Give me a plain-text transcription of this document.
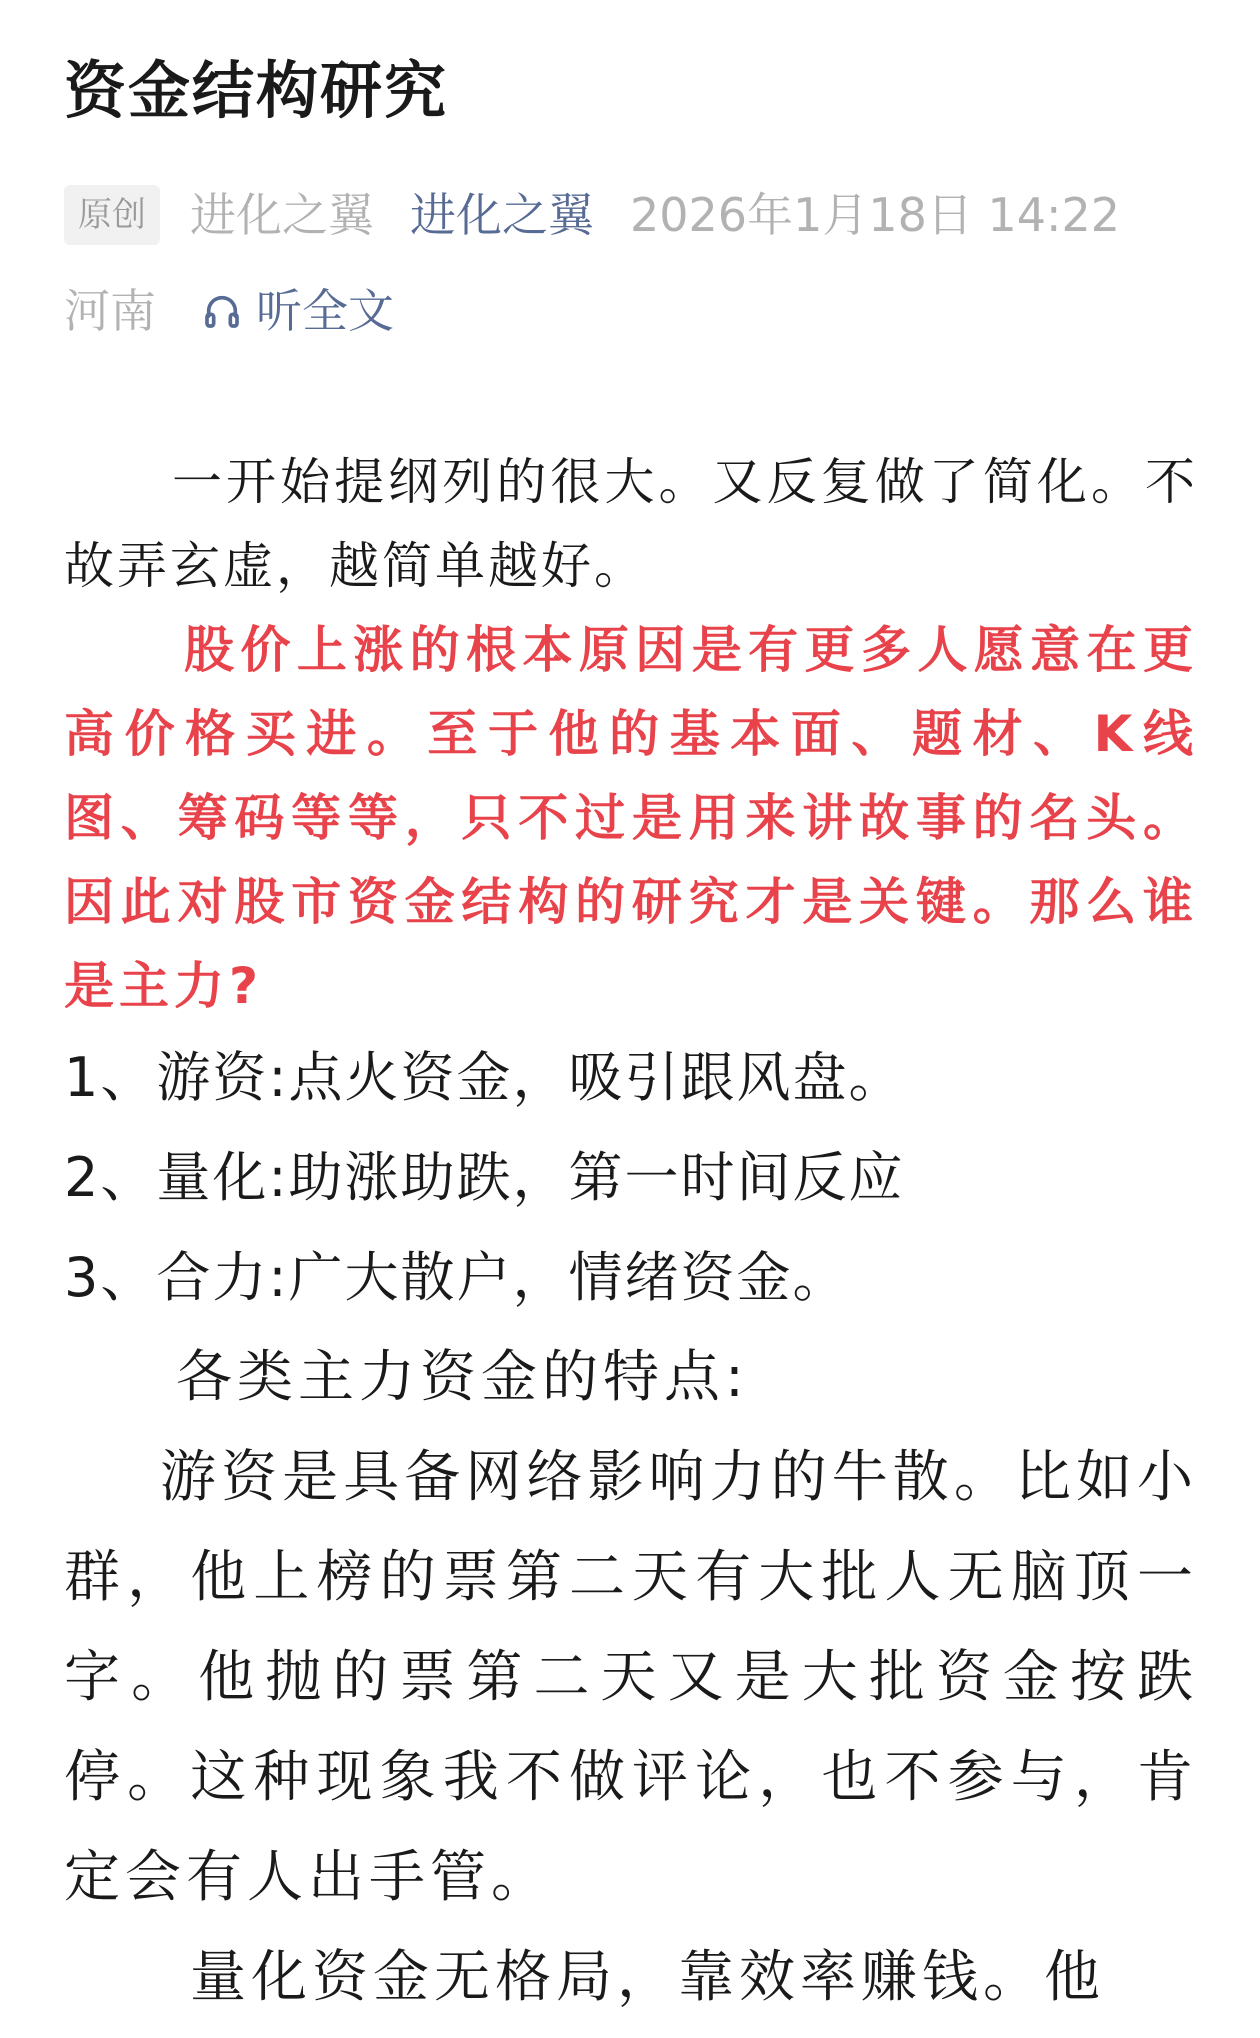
资金结构研究
原创 进化之翼 进化之翼 2026年1月18日 14:22
河南 听全文

一开始提纲列的很大。又反复做了简化。不故弄玄虚，越简单越好。

股价上涨的根本原因是有更多人愿意在更高价格买进。至于他的基本面、题材、K线图、筹码等等，只不过是用来讲故事的名头。因此对股市资金结构的研究才是关键。那么谁是主力?

1、游资:点火资金，吸引跟风盘。

2、量化:助涨助跌，第一时间反应

3、合力:广大散户，情绪资金。

各类主力资金的特点:

游资是具备网络影响力的牛散。比如小群，他上榜的票第二天有大批人无脑顶一字。他抛的票第二天又是大批资金按跌停。这种现象我不做评论，也不参与，肯定会有人出手管。

量化资金无格局，靠效率赚钱。他
